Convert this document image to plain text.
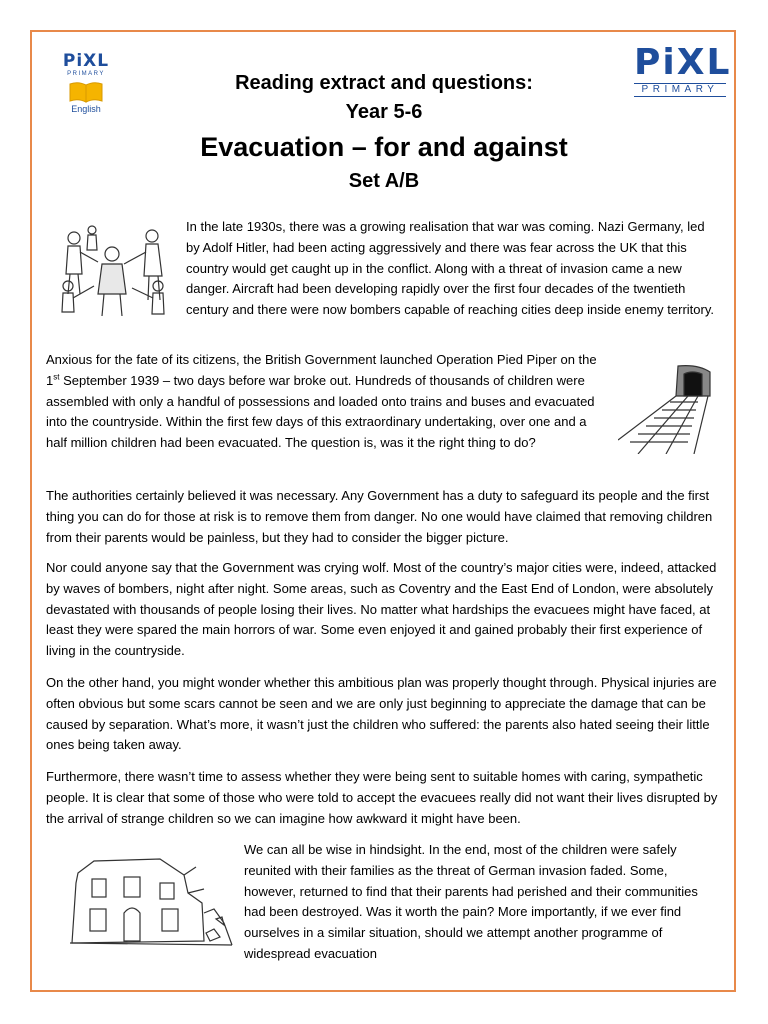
PiXL
PRIMARY
English
PiXL
PRIMARY
Reading extract and questions:
Year 5-6
Evacuation – for and against
Set A/B

In the late 1930s, there was a growing realisation that war was coming. Nazi Germany, led by Adolf Hitler, had been acting aggressively and there was fear across the UK that this country would get caught up in the conflict. Along with a threat of invasion came a new danger. Aircraft had been developing rapidly over the first four decades of the twentieth century and there were now bombers capable of reaching cities deep inside enemy territory.

Anxious for the fate of its citizens, the British Government launched Operation Pied Piper on the 1st September 1939 – two days before war broke out. Hundreds of thousands of children were assembled with only a handful of possessions and loaded onto trains and buses and evacuated into the countryside. Within the first few days of this extraordinary undertaking, over one and a half million children had been evacuated. The question is, was it the right thing to do?

The authorities certainly believed it was necessary. Any Government has a duty to safeguard its people and the first thing you can do for those at risk is to remove them from danger. No one would have claimed that removing children from their parents would be painless, but they had to consider the bigger picture.

Nor could anyone say that the Government was crying wolf. Most of the country’s major cities were, indeed, attacked by waves of bombers, night after night. Some areas, such as Coventry and the East End of London, were absolutely devastated with thousands of people losing their lives. No matter what hardships the evacuees might have faced, at least they were spared the main horrors of war. Some even enjoyed it and gained probably their first experience of living in the countryside.

On the other hand, you might wonder whether this ambitious plan was properly thought through. Physical injuries are often obvious but some scars cannot be seen and we are only just beginning to appreciate the damage that can be caused by separation. What’s more, it wasn’t just the children who suffered: the parents also hated seeing their little ones being taken away.

Furthermore, there wasn’t time to assess whether they were being sent to suitable homes with caring, sympathetic people. It is clear that some of those who were told to accept the evacuees really did not want their lives disrupted by the arrival of strange children so we can imagine how awkward it might have been.

We can all be wise in hindsight. In the end, most of the children were safely reunited with their families as the threat of German invasion faded. Some, however, returned to find that their parents had perished and their communities had been destroyed. Was it worth the pain? More importantly, if we ever find ourselves in a similar situation, should we attempt another programme of widespread evacuation
